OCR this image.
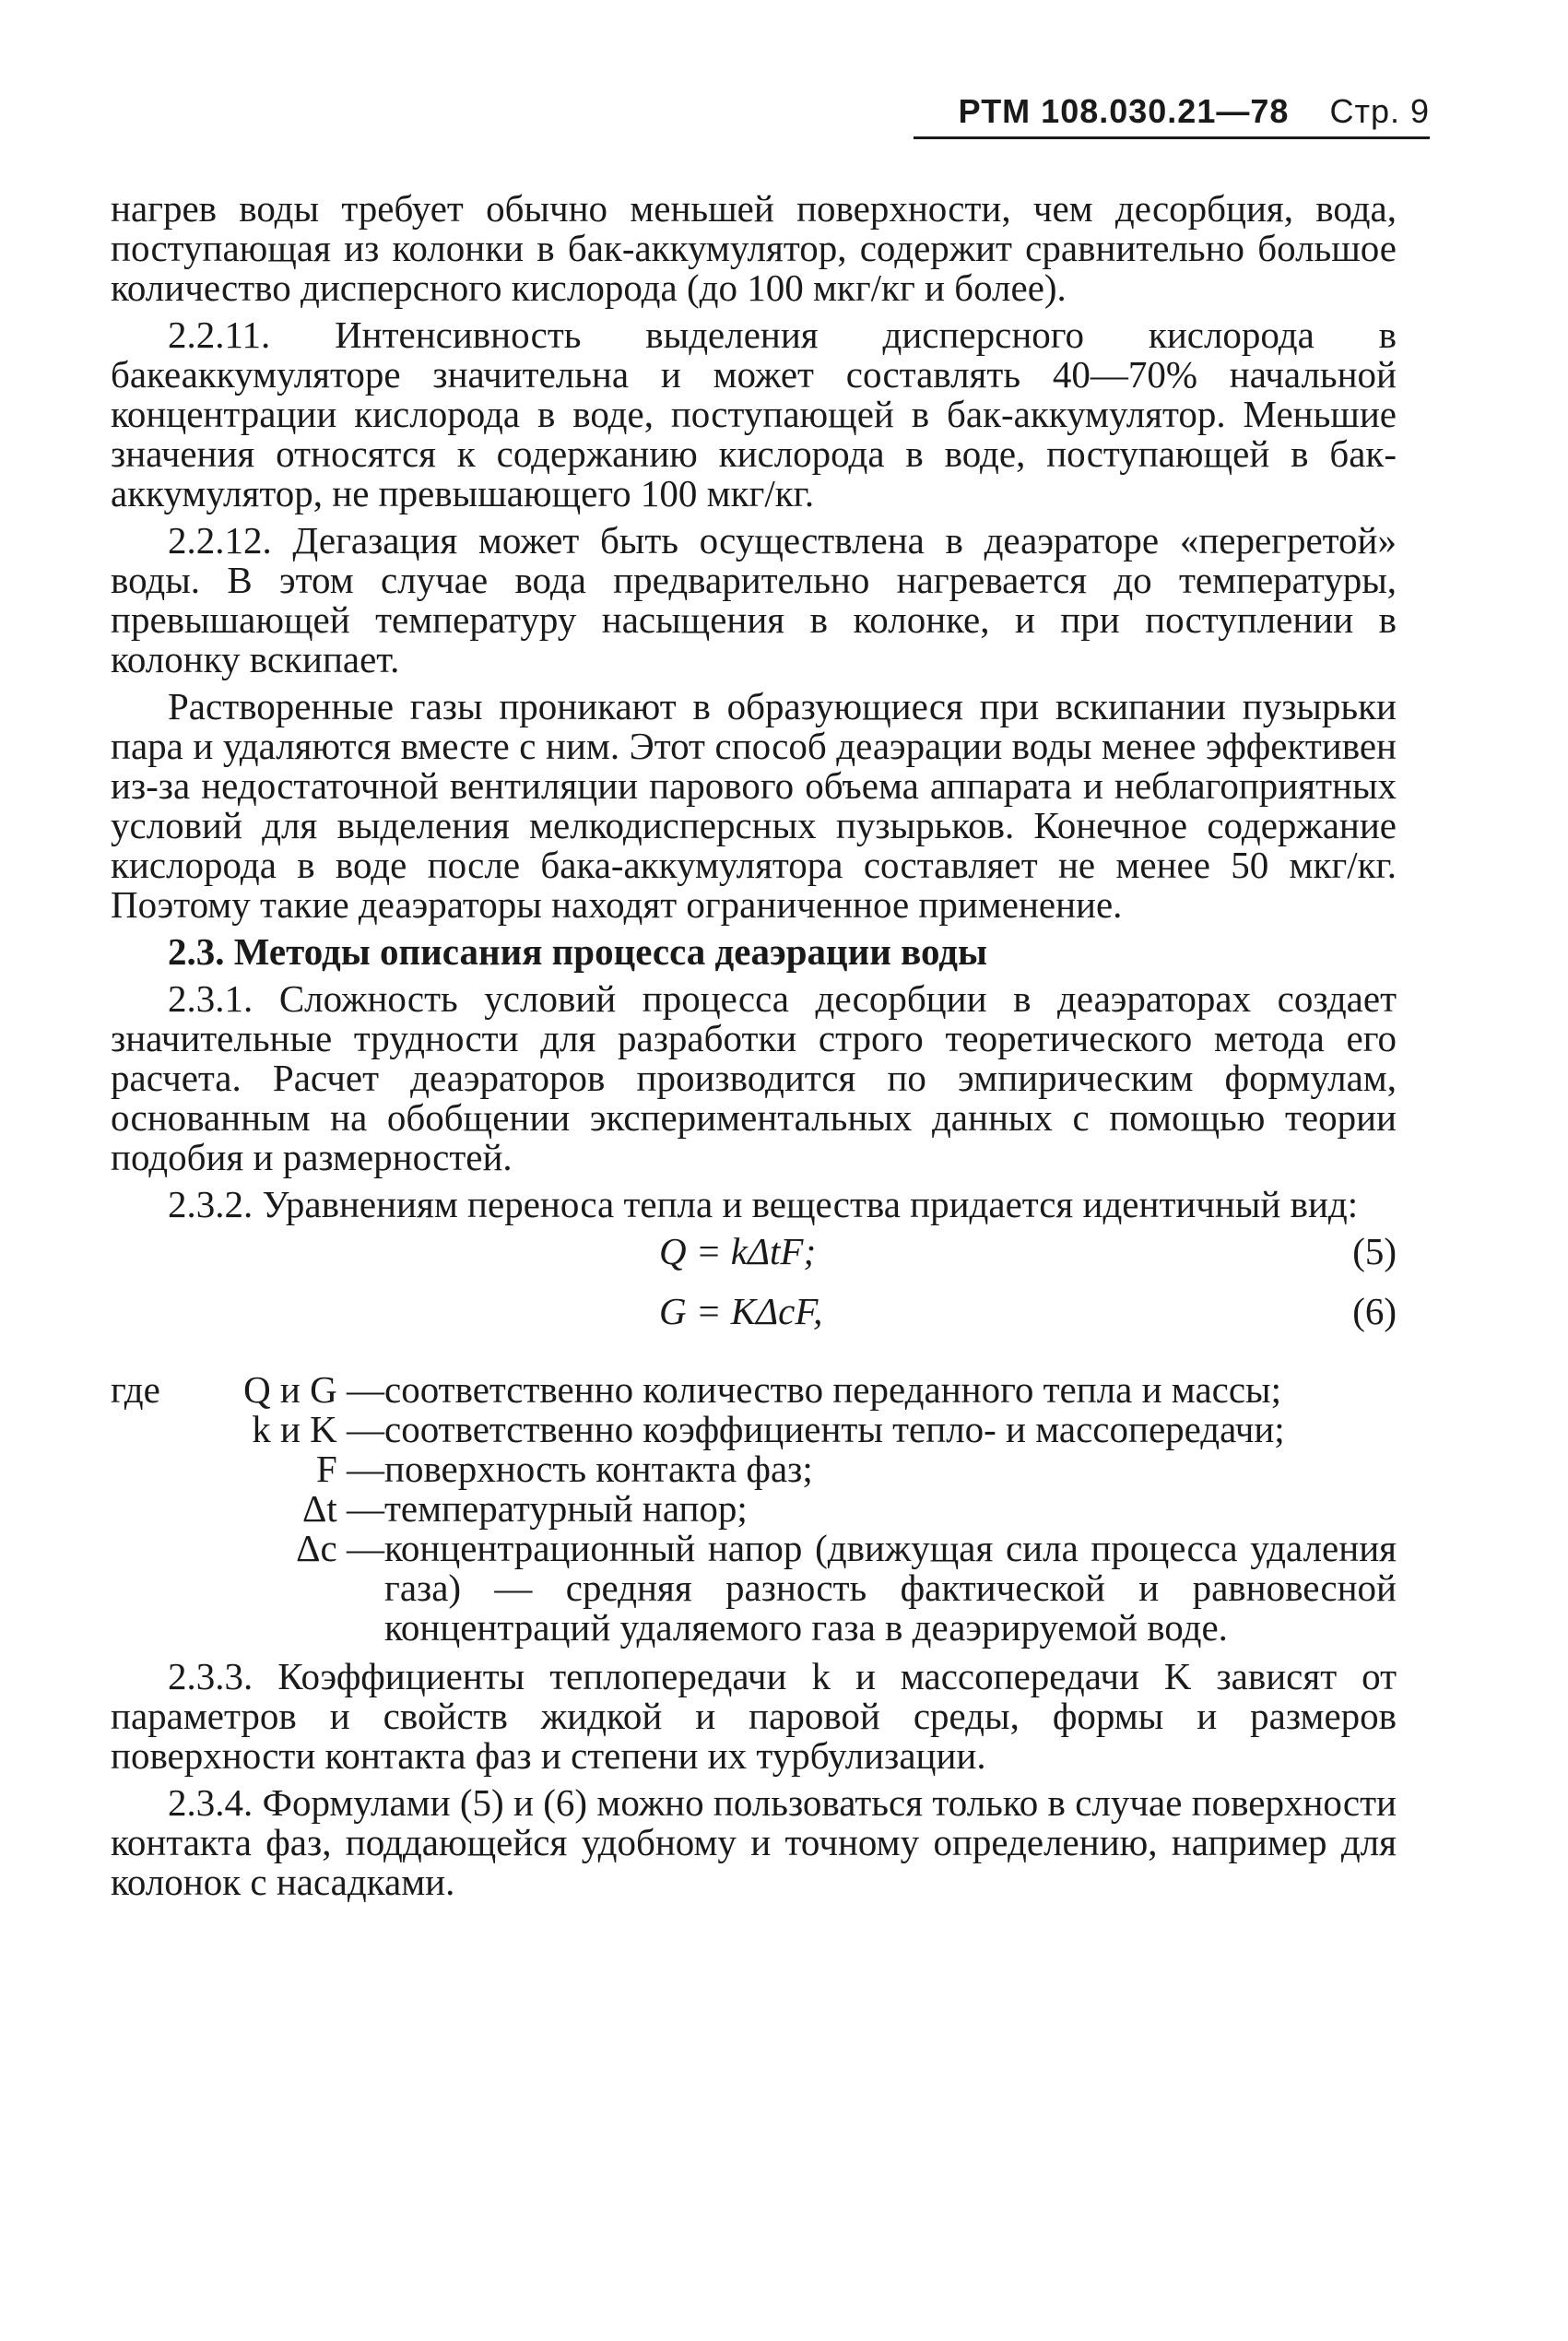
РТМ 108.030.21—78 Стр. 9

нагрев воды требует обычно меньшей поверхности, чем десорбция, вода, поступающая из колонки в бак-аккумулятор, содержит сравнительно большое количество дисперсного кислорода (до 100 мкг/кг и более).

2.2.11. Интенсивность выделения дисперсного кислорода в бакеаккумуляторе значительна и может составлять 40—70% начальной концентрации кислорода в воде, поступающей в бак-аккумулятор. Меньшие значения относятся к содержанию кислорода в воде, поступающей в бак-аккумулятор, не превышающего 100 мкг/кг.

2.2.12. Дегазация может быть осуществлена в деаэраторе «перегретой» воды. В этом случае вода предварительно нагревается до температуры, превышающей температуру насыщения в колонке, и при поступлении в колонку вскипает.

Растворенные газы проникают в образующиеся при вскипании пузырьки пара и удаляются вместе с ним. Этот способ деаэрации воды менее эффективен из-за недостаточной вентиляции парового объема аппарата и неблагоприятных условий для выделения мелкодисперсных пузырьков. Конечное содержание кислорода в воде после бака-аккумулятора составляет не менее 50 мкг/кг. Поэтому такие деаэраторы находят ограниченное применение.

2.3. Методы описания процесса деаэрации воды

2.3.1. Сложность условий процесса десорбции в деаэраторах создает значительные трудности для разработки строго теоретического метода его расчета. Расчет деаэраторов производится по эмпирическим формулам, основанным на обобщении экспериментальных данных с помощью теории подобия и размерностей.

2.3.2. Уравнениям переноса тепла и вещества придается идентичный вид:

Q = kΔtF;	(5)
G = KΔcF,	(6)
где	Q и G — соответственно количество переданного тепла и массы;
k и K — соответственно коэффициенты тепло- и массопередачи;
F — поверхность контакта фаз;
Δt — температурный напор;
Δc — концентрационный напор (движущая сила процесса удаления газа) — средняя разность фактической и равновесной концентраций удаляемого газа в деаэрируемой воде.

2.3.3. Коэффициенты теплопередачи k и массопередачи K зависят от параметров и свойств жидкой и паровой среды, формы и размеров поверхности контакта фаз и степени их турбулизации.

2.3.4. Формулами (5) и (6) можно пользоваться только в случае поверхности контакта фаз, поддающейся удобному и точному определению, например для колонок с насадками.
